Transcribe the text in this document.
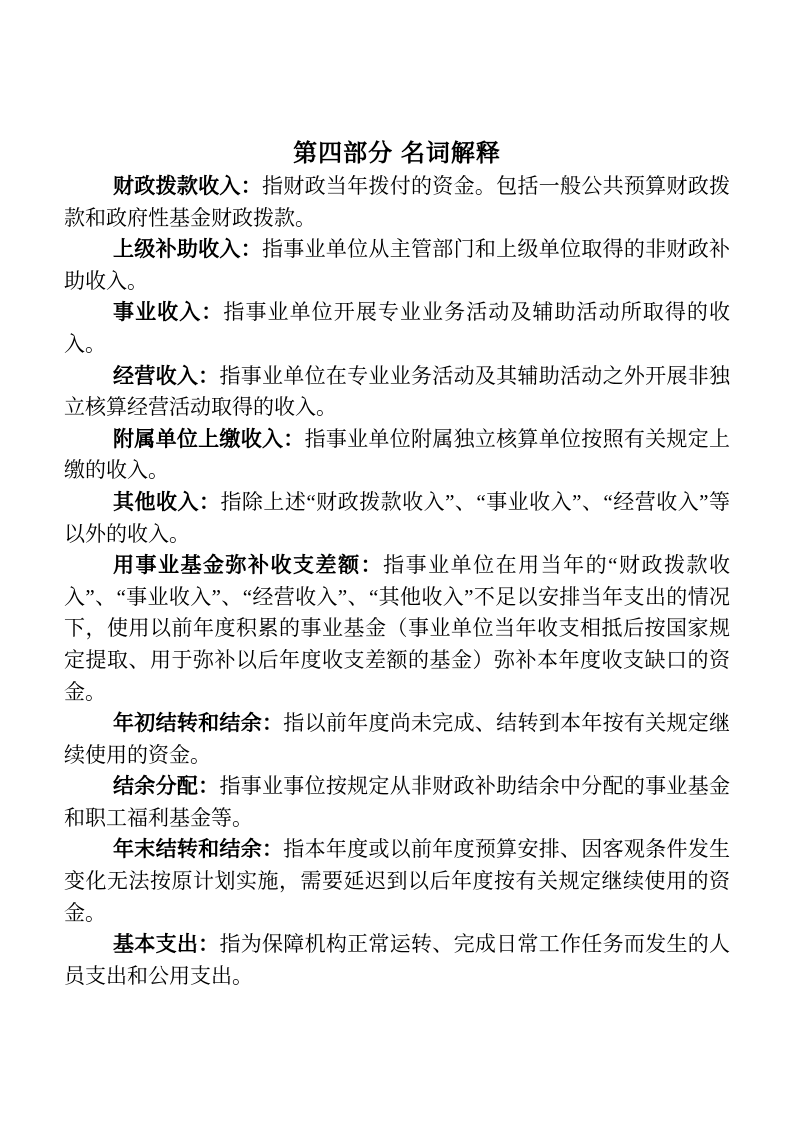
第四部分 名词解释

财政拨款收入：指财政当年拨付的资金。包括一般公共预算财政拨款和政府性基金财政拨款。

上级补助收入：指事业单位从主管部门和上级单位取得的非财政补助收入。

事业收入：指事业单位开展专业业务活动及辅助活动所取得的收入。

经营收入：指事业单位在专业业务活动及其辅助活动之外开展非独立核算经营活动取得的收入。

附属单位上缴收入：指事业单位附属独立核算单位按照有关规定上缴的收入。

其他收入：指除上述“财政拨款收入”、“事业收入”、“经营收入”等以外的收入。

用事业基金弥补收支差额：指事业单位在用当年的“财政拨款收入”、“事业收入”、“经营收入”、“其他收入”不足以安排当年支出的情况下，使用以前年度积累的事业基金（事业单位当年收支相抵后按国家规定提取、用于弥补以后年度收支差额的基金）弥补本年度收支缺口的资金。

年初结转和结余：指以前年度尚未完成、结转到本年按有关规定继续使用的资金。

结余分配：指事业事位按规定从非财政补助结余中分配的事业基金和职工福利基金等。

年末结转和结余：指本年度或以前年度预算安排、因客观条件发生变化无法按原计划实施，需要延迟到以后年度按有关规定继续使用的资金。

基本支出：指为保障机构正常运转、完成日常工作任务而发生的人员支出和公用支出。
